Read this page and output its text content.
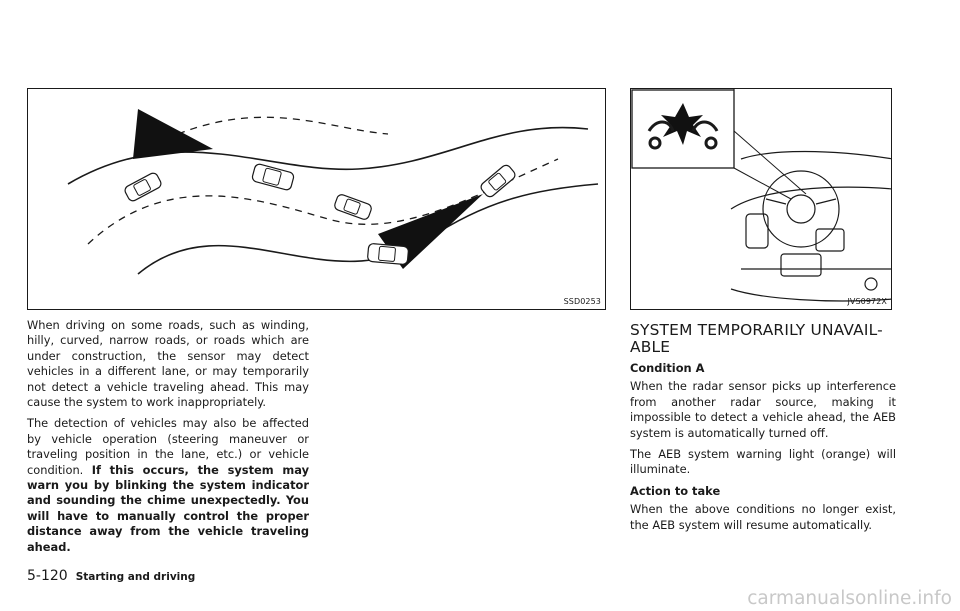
SSD0253	JVS0972X

When driving on some roads, such as winding, hilly, curved, narrow roads, or roads which are under construction, the sensor may detect vehicles in a different lane, or may temporarily not detect a vehicle traveling ahead. This may cause the system to work inappropriately.

The detection of vehicles may also be affected by vehicle operation (steering maneuver or traveling position in the lane, etc.) or vehicle condition. If this occurs, the system may warn you by blinking the system indicator and sounding the chime unexpectedly. You will have to manually control the proper distance away from the vehicle traveling ahead.

SYSTEM TEMPORARILY UNAVAIL-ABLE
Condition A

When the radar sensor picks up interference from another radar source, making it impossible to detect a vehicle ahead, the AEB system is automatically turned off.

The AEB system warning light (orange) will illuminate.

Action to take

When the above conditions no longer exist, the AEB system will resume automatically.

5-120 Starting and driving
carmanualsonline.info
